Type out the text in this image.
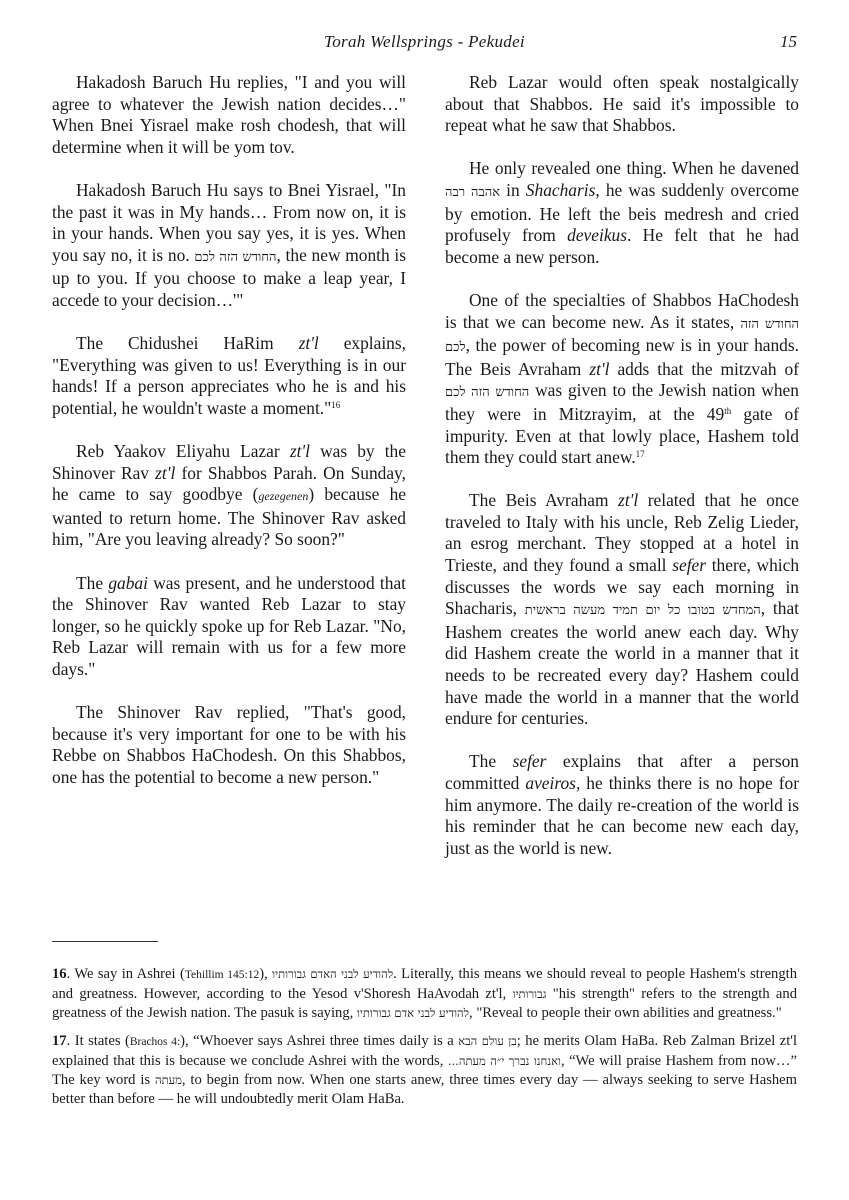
Torah Wellsprings - Pekudei	15

Hakadosh Baruch Hu replies, "I and you will agree to whatever the Jewish nation decides…" When Bnei Yisrael make rosh chodesh, that will determine when it will be yom tov.

Hakadosh Baruch Hu says to Bnei Yisrael, "In the past it was in My hands… From now on, it is in your hands. When you say yes, it is yes. When you say no, it is no. החודש הזה לכם, the new month is up to you. If you choose to make a leap year, I accede to your decision…'"

The Chidushei HaRim zt'l explains, "Everything was given to us! Everything is in our hands! If a person appreciates who he is and his potential, he wouldn't waste a moment."$^{16}$

Reb Yaakov Eliyahu Lazar zt'l was by the Shinover Rav zt'l for Shabbos Parah. On Sunday, he came to say goodbye (gezegenen) because he wanted to return home. The Shinover Rav asked him, "Are you leaving already? So soon?"

The gabai was present, and he understood that the Shinover Rav wanted Reb Lazar to stay longer, so he quickly spoke up for Reb Lazar. "No, Reb Lazar will remain with us for a few more days."

The Shinover Rav replied, "That's good, because it's very important for one to be with his Rebbe on Shabbos HaChodesh. On this Shabbos, one has the potential to become a new person."

Reb Lazar would often speak nostalgically about that Shabbos. He said it's impossible to repeat what he saw that Shabbos.

He only revealed one thing. When he davened אהבה רבה in Shacharis, he was suddenly overcome by emotion. He left the beis medresh and cried profusely from deveikus. He felt that he had become a new person.

One of the specialties of Shabbos HaChodesh is that we can become new. As it states, החודש הזה לכם, the power of becoming new is in your hands. The Beis Avraham zt'l adds that the mitzvah of החודש הזה לכם was given to the Jewish nation when they were in Mitzrayim, at the 49th gate of impurity. Even at that lowly place, Hashem told them they could start anew.$^{17}$

The Beis Avraham zt'l related that he once traveled to Italy with his uncle, Reb Zelig Lieder, an esrog merchant. They stopped at a hotel in Trieste, and they found a small sefer there, which discusses the words we say each morning in Shacharis, המחדש בטובו כל יום תמיד מעשה בראשית, that Hashem creates the world anew each day. Why did Hashem create the world in a manner that it needs to be recreated every day? Hashem could have made the world in a manner that the world endure for centuries.

The sefer explains that after a person committed aveiros, he thinks there is no hope for him anymore. The daily re-creation of the world is his reminder that he can become new each day, just as the world is new.

16. We say in Ashrei (Tehillim 145:12), להודיע לבני האדם גבורותיו. Literally, this means we should reveal to people Hashem's strength and greatness. However, according to the Yesod v'Shoresh HaAvodah zt'l, גבורותיו "his strength" refers to the strength and greatness of the Jewish nation. The pasuk is saying, להודיע לבני אדם גבורותיו, "Reveal to people their own abilities and greatness."

17. It states (Brachos 4:), “Whoever says Ashrei three times daily is a בן עולם הבא; he merits Olam HaBa. Reb Zalman Brizel zt'l explained that this is because we conclude Ashrei with the words, ואנחנו נברך י״ה מעתה..., “We will praise Hashem from now…” The key word is מעתה, to begin from now. When one starts anew, three times every day — always seeking to serve Hashem better than before — he will undoubtedly merit Olam HaBa.
